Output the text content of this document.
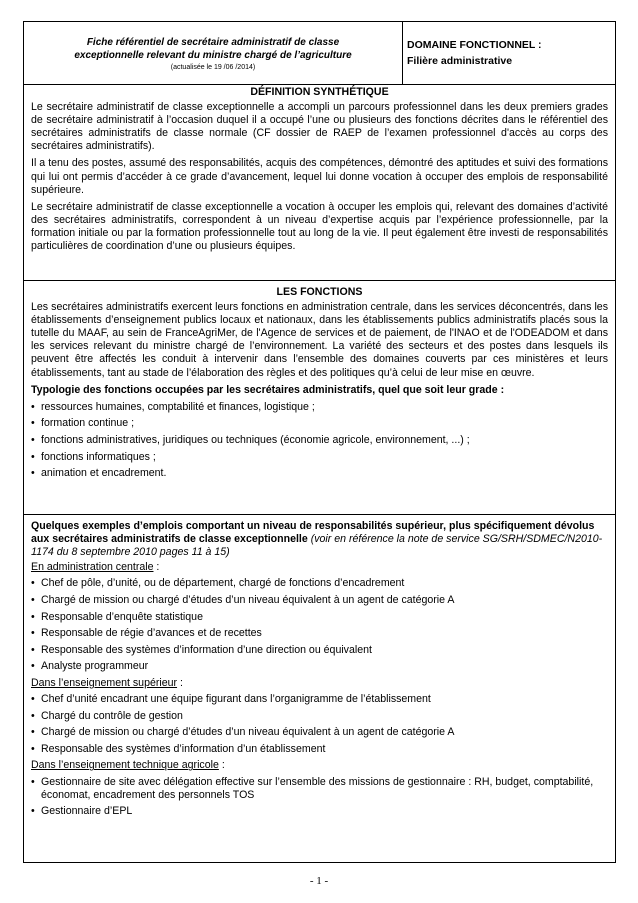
Fiche référentiel de secrétaire administratif de classe
exceptionnelle relevant du ministre chargé de l’agriculture
(actualisée le 19 /06 /2014)

DOMAINE FONCTIONNEL :
Filière administrative

DÉFINITION SYNTHÉTIQUE

Le secrétaire administratif de classe exceptionnelle a accompli un parcours professionnel dans les deux premiers grades de secrétaire administratif à l’occasion duquel il a occupé l’une ou plusieurs des fonctions décrites dans le référentiel des secrétaires administratifs de classe normale (CF dossier de RAEP de l’examen professionnel d'accès au corps des secrétaires administratifs).

Il a tenu des postes, assumé des responsabilités, acquis des compétences, démontré des aptitudes et suivi des formations qui lui ont permis d’accéder à ce grade d’avancement, lequel lui donne vocation à occuper des emplois de responsabilité supérieure.

Le secrétaire administratif de classe exceptionnelle a vocation à occuper les emplois qui, relevant des domaines d’activité des secrétaires administratifs, correspondent à un niveau d’expertise acquis par l’expérience professionnelle, par la formation initiale ou par la formation professionnelle tout au long de la vie. Il peut également être investi de responsabilités particulières de coordination d’une ou plusieurs équipes.

LES FONCTIONS

Les secrétaires administratifs exercent leurs fonctions en administration centrale, dans les services déconcentrés, dans les établissements d’enseignement publics locaux et nationaux, dans les établissements publics administratifs placés sous la tutelle du MAAF, au sein de FranceAgriMer, de l'Agence de services et de paiement, de l'INAO et de l'ODEADOM et dans les services relevant du ministre chargé de l’environnement. La variété des secteurs et des postes dans lesquels ils peuvent être affectés les conduit à intervenir dans l’ensemble des domaines couverts par ces ministères et leurs établissements, tant au stade de l’élaboration des règles et des politiques qu’à celui de leur mise en œuvre.

Typologie des fonctions occupées par les secrétaires administratifs, quel que soit leur grade :

• ressources humaines, comptabilité et finances, logistique ;
• formation continue ;
• fonctions administratives, juridiques ou techniques (économie agricole, environnement, ...) ;
• fonctions informatiques ;
• animation et encadrement.

Quelques exemples d’emplois comportant un niveau de responsabilités supérieur, plus spécifiquement dévolus aux secrétaires administratifs de classe exceptionnelle (voir en référence la note de service SG/SRH/SDMEC/N2010-1174 du 8 septembre 2010 pages 11 à 15)

En administration centrale :
• Chef de pôle, d’unité, ou de département, chargé de fonctions d’encadrement
• Chargé de mission ou chargé d’études d’un niveau équivalent à un agent de catégorie A
• Responsable d’enquête statistique
• Responsable de régie d’avances et de recettes
• Responsable des systèmes d’information d’une direction ou équivalent
• Analyste programmeur
Dans l’enseignement supérieur :
• Chef d’unité encadrant une équipe figurant dans l’organigramme de l’établissement
• Chargé du contrôle de gestion
• Chargé de mission ou chargé d’études d’un niveau équivalent à un agent de catégorie A
• Responsable des systèmes d’information d’un établissement
Dans l’enseignement technique agricole :
• Gestionnaire de site avec délégation effective sur l’ensemble des missions de gestionnaire : RH, budget, comptabilité, économat, encadrement des personnels TOS
• Gestionnaire d’EPL
- 1 -
